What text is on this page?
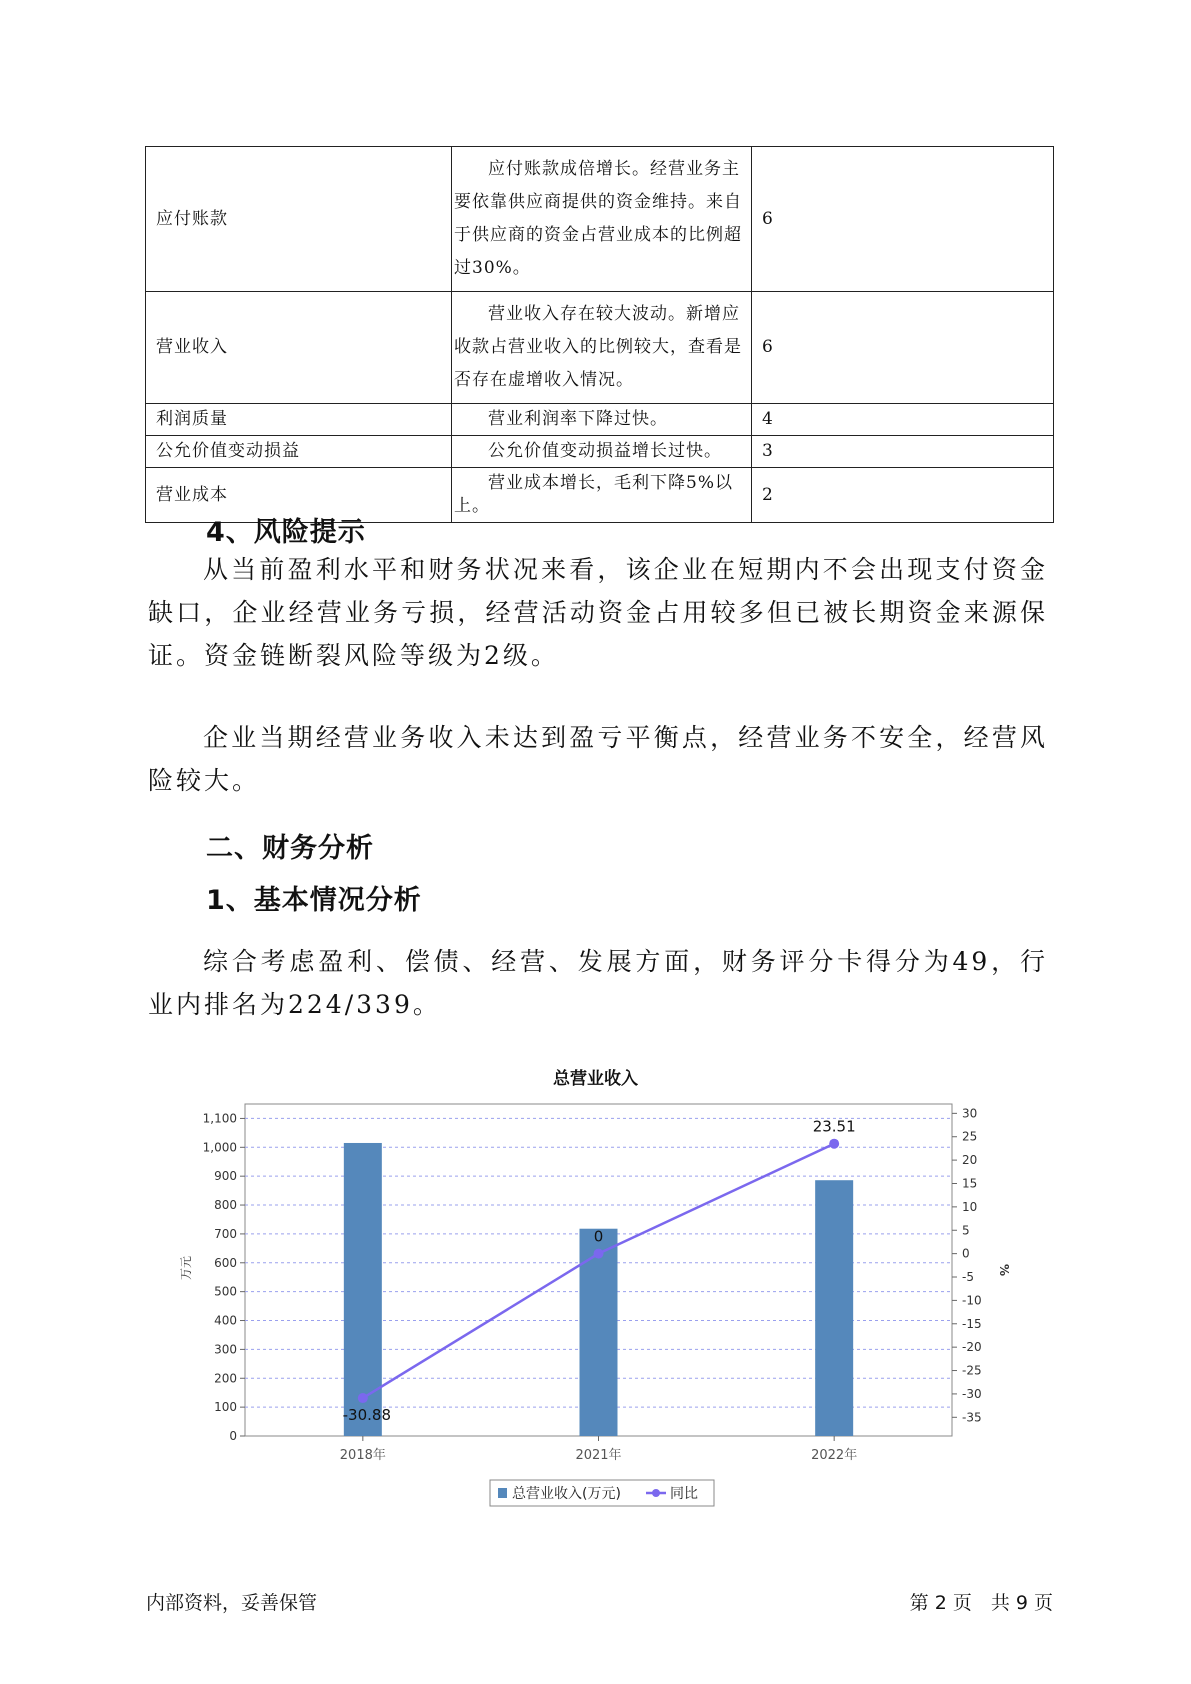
应付账款	应付账款成倍增长。经营业务主要依靠供应商提供的资金维持。来自于供应商的资金占营业成本的比例超过30%。	6
营业收入	营业收入存在较大波动。新增应收款占营业收入的比例较大，查看是否存在虚增收入情况。	6
利润质量	营业利润率下降过快。	4
公允价值变动损益	公允价值变动损益增长过快。	3
营业成本	营业成本增长，毛利下降5%以上。	2
4、风险提示

从当前盈利水平和财务状况来看，该企业在短期内不会出现支付资金缺口，企业经营业务亏损，经营活动资金占用较多但已被长期资金来源保证。资金链断裂风险等级为2级。

企业当期经营业务收入未达到盈亏平衡点，经营业务不安全，经营风险较大。

二、财务分析
1、基本情况分析

综合考虑盈利、偿债、经营、发展方面，财务评分卡得分为49，行业内排名为224/339。

总营业收入
-30.88
0
23.51
0
100
200
300
400
500
600
700
800
900
1,000
1,100
-35
-30
-25
-20
-15
-10
-5
0
5
10
15
20
25
30
万元	%
2018年	2021年	2022年
总营业收入(万元)	同比
内部资料，妥善保管	第 2 页　共 9 页
